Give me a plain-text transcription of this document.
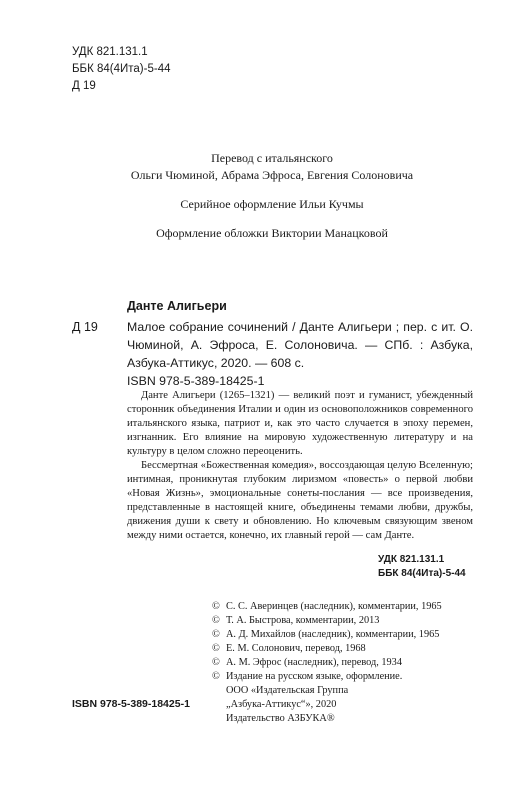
УДК 821.131.1
ББК 84(4Ита)-5-44
Д 19
Перевод с итальянского
Ольги Чюминой, Абрама Эфроса, Евгения Солоновича
Серийное оформление Ильи Кучмы
Оформление обложки Виктории Манацковой
Данте Алигьери
Д 19 Малое собрание сочинений / Данте Алигьери ; пер. с ит. О. Чюминой, А. Эфроса, Е. Солоновича. — СПб. : Азбука, Азбука-Аттикус, 2020. — 608 с.
ISBN 978-5-389-18425-1

Данте Алигьери (1265–1321) — великий поэт и гуманист, убежденный сторонник объединения Италии и один из основоположников современного итальянского языка, патриот и, как это часто случается в эпоху перемен, изгнанник. Его влияние на мировую художественную литературу и на культуру в целом сложно переоценить.

Бессмертная «Божественная комедия», воссоздающая целую Вселенную; интимная, проникнутая глубоким лиризмом «повесть» о первой любви «Новая Жизнь», эмоциональные сонеты-послания — все произведения, представленные в настоящей книге, объединены темами любви, дружбы, движения души к свету и обновлению. Но ключевым связующим звеном между ними остается, конечно, их главный герой — сам Данте.

УДК 821.131.1
ББК 84(4Ита)-5-44
© С. С. Аверинцев (наследник), комментарии, 1965
© Т. А. Быстрова, комментарии, 2013
© А. Д. Михайлов (наследник), комментарии, 1965
© Е. М. Солонович, перевод, 1968
© А. М. Эфрос (наследник), перевод, 1934
© Издание на русском языке, оформление.
ООО «Издательская Группа
„Азбука-Аттикус“», 2020
Издательство АЗБУКА®
ISBN 978-5-389-18425-1
